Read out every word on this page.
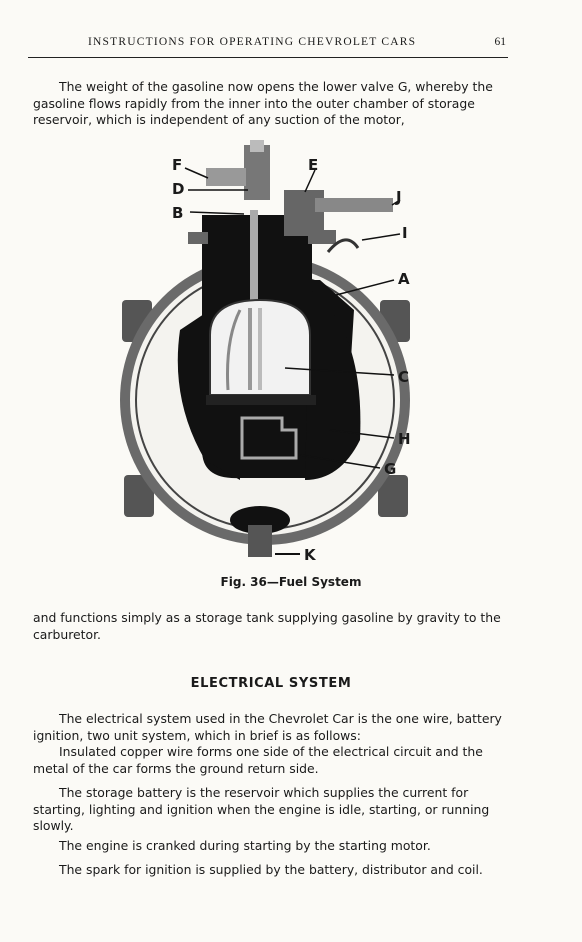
INSTRUCTIONS FOR OPERATING CHEVROLET CARS	61

The weight of the gasoline now opens the lower valve G, whereby the gasoline flows rapidly from the inner into the outer chamber of storage reservoir, which is independent of any suction of the motor,

F
D
B
E
J
I
A
C
H
G
K
Fig. 36—Fuel System

and functions simply as a storage tank supplying gasoline by gravity to the carburetor.

ELECTRICAL SYSTEM

The electrical system used in the Chevrolet Car is the one wire, battery ignition, two unit system, which in brief is as follows:

Insulated copper wire forms one side of the electrical circuit and the metal of the car forms the ground return side.

The storage battery is the reservoir which supplies the current for starting, lighting and ignition when the engine is idle, starting, or running slowly.

The engine is cranked during starting by the starting motor.

The spark for ignition is supplied by the battery, distributor and coil.
